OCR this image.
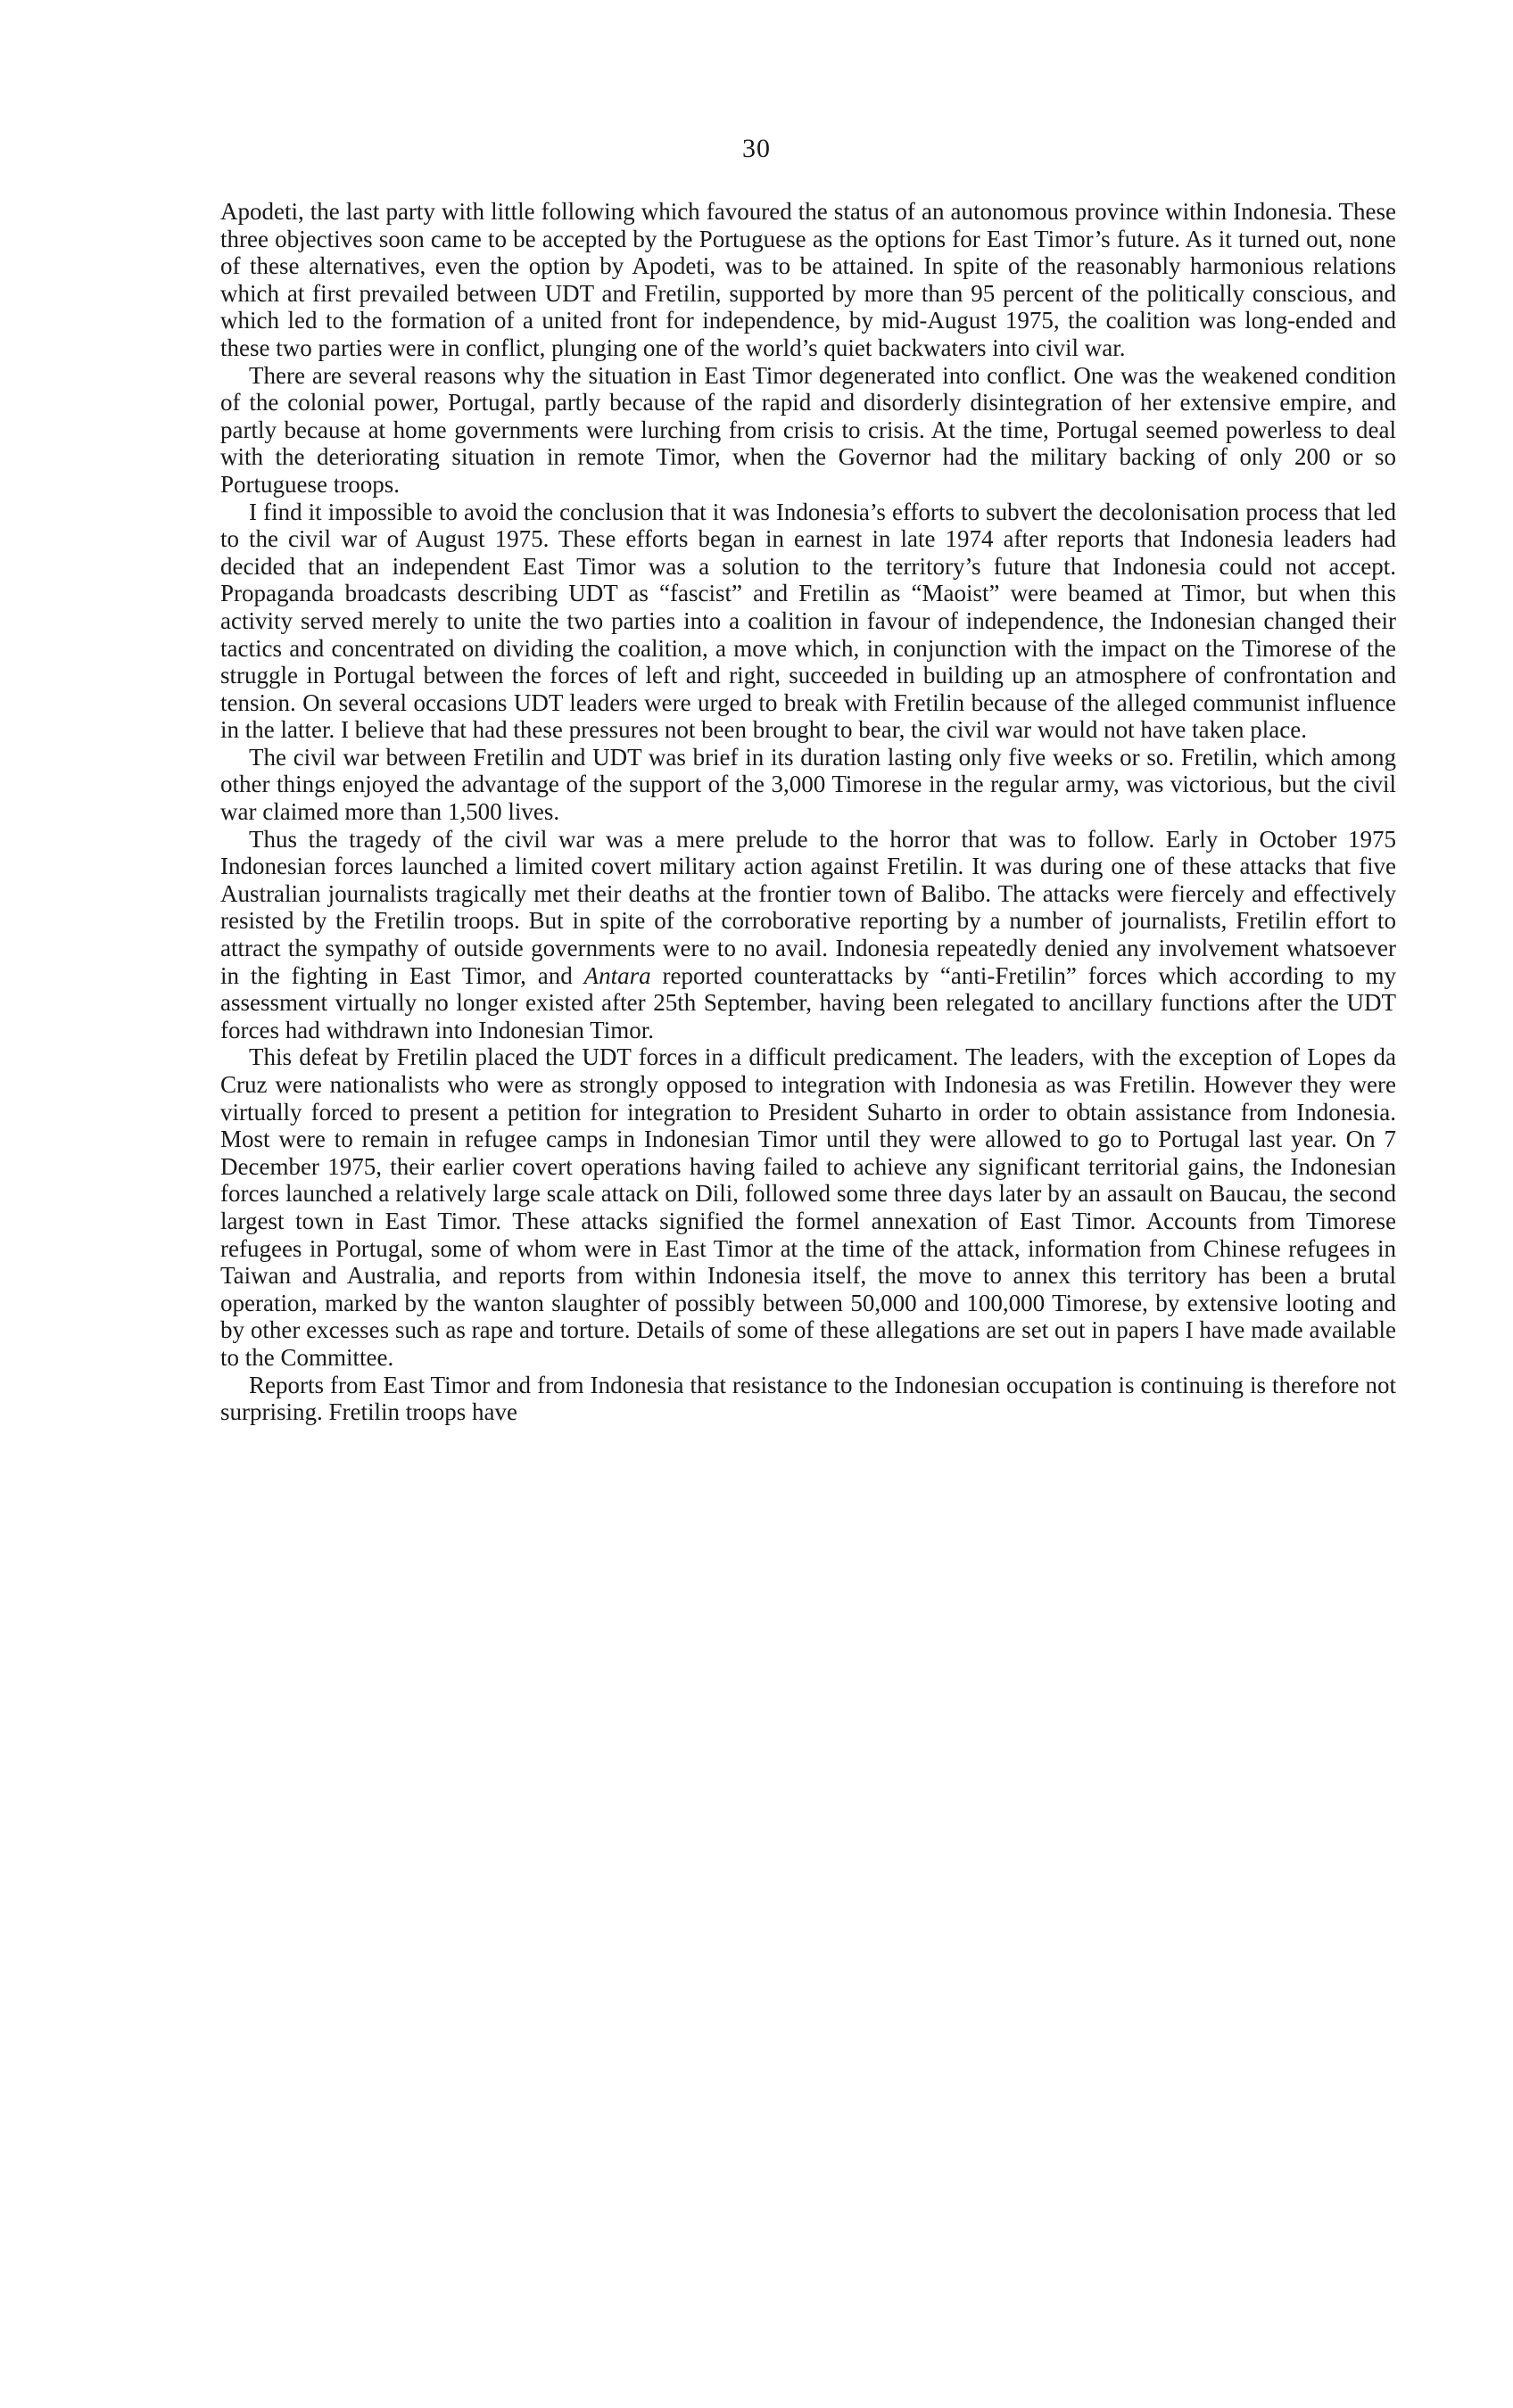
30

Apodeti, the last party with little following which favoured the status of an autonomous province within Indonesia. These three objectives soon came to be accepted by the Portuguese as the options for East Timor’s future. As it turned out, none of these alternatives, even the option by Apodeti, was to be attained. In spite of the reasonably harmonious relations which at first prevailed between UDT and Fretilin, supported by more than 95 percent of the politically conscious, and which led to the formation of a united front for independence, by mid-August 1975, the coalition was long-ended and these two parties were in conflict, plunging one of the world’s quiet backwaters into civil war.

There are several reasons why the situation in East Timor degenerated into conflict. One was the weakened condition of the colonial power, Portugal, partly because of the rapid and disorderly disintegration of her extensive empire, and partly because at home governments were lurching from crisis to crisis. At the time, Portugal seemed powerless to deal with the deteriorating situation in remote Timor, when the Governor had the military backing of only 200 or so Portuguese troops.

I find it impossible to avoid the conclusion that it was Indonesia’s efforts to subvert the decolonisation process that led to the civil war of August 1975. These efforts began in earnest in late 1974 after reports that Indonesia leaders had decided that an independent East Timor was a solution to the territory’s future that Indonesia could not accept. Propaganda broadcasts describing UDT as “fascist” and Fretilin as “Maoist” were beamed at Timor, but when this activity served merely to unite the two parties into a coalition in favour of independence, the Indonesian changed their tactics and concentrated on dividing the coalition, a move which, in conjunction with the impact on the Timorese of the struggle in Portugal between the forces of left and right, succeeded in building up an atmosphere of confrontation and tension. On several occasions UDT leaders were urged to break with Fretilin because of the alleged communist influence in the latter. I believe that had these pressures not been brought to bear, the civil war would not have taken place.

The civil war between Fretilin and UDT was brief in its duration lasting only five weeks or so. Fretilin, which among other things enjoyed the advantage of the support of the 3,000 Timorese in the regular army, was victorious, but the civil war claimed more than 1,500 lives.

Thus the tragedy of the civil war was a mere prelude to the horror that was to follow. Early in October 1975 Indonesian forces launched a limited covert military action against Fretilin. It was during one of these attacks that five Australian journalists tragically met their deaths at the frontier town of Balibo. The attacks were fiercely and effectively resisted by the Fretilin troops. But in spite of the corroborative reporting by a number of journalists, Fretilin effort to attract the sympathy of outside governments were to no avail. Indonesia repeatedly denied any involvement whatsoever in the fighting in East Timor, and Antara reported counterattacks by “anti-Fretilin” forces which according to my assessment virtually no longer existed after 25th September, having been relegated to ancillary functions after the UDT forces had withdrawn into Indonesian Timor.

This defeat by Fretilin placed the UDT forces in a difficult predicament. The leaders, with the exception of Lopes da Cruz were nationalists who were as strongly opposed to integration with Indonesia as was Fretilin. However they were virtually forced to present a petition for integration to President Suharto in order to obtain assistance from Indonesia. Most were to remain in refugee camps in Indonesian Timor until they were allowed to go to Portugal last year. On 7 December 1975, their earlier covert operations having failed to achieve any significant territorial gains, the Indonesian forces launched a relatively large scale attack on Dili, followed some three days later by an assault on Baucau, the second largest town in East Timor. These attacks signified the formel annexation of East Timor. Accounts from Timorese refugees in Portugal, some of whom were in East Timor at the time of the attack, information from Chinese refugees in Taiwan and Australia, and reports from within Indonesia itself, the move to annex this territory has been a brutal operation, marked by the wanton slaughter of possibly between 50,000 and 100,000 Timorese, by extensive looting and by other excesses such as rape and torture. Details of some of these allegations are set out in papers I have made available to the Committee.

Reports from East Timor and from Indonesia that resistance to the Indonesian occupation is continuing is therefore not surprising. Fretilin troops have
